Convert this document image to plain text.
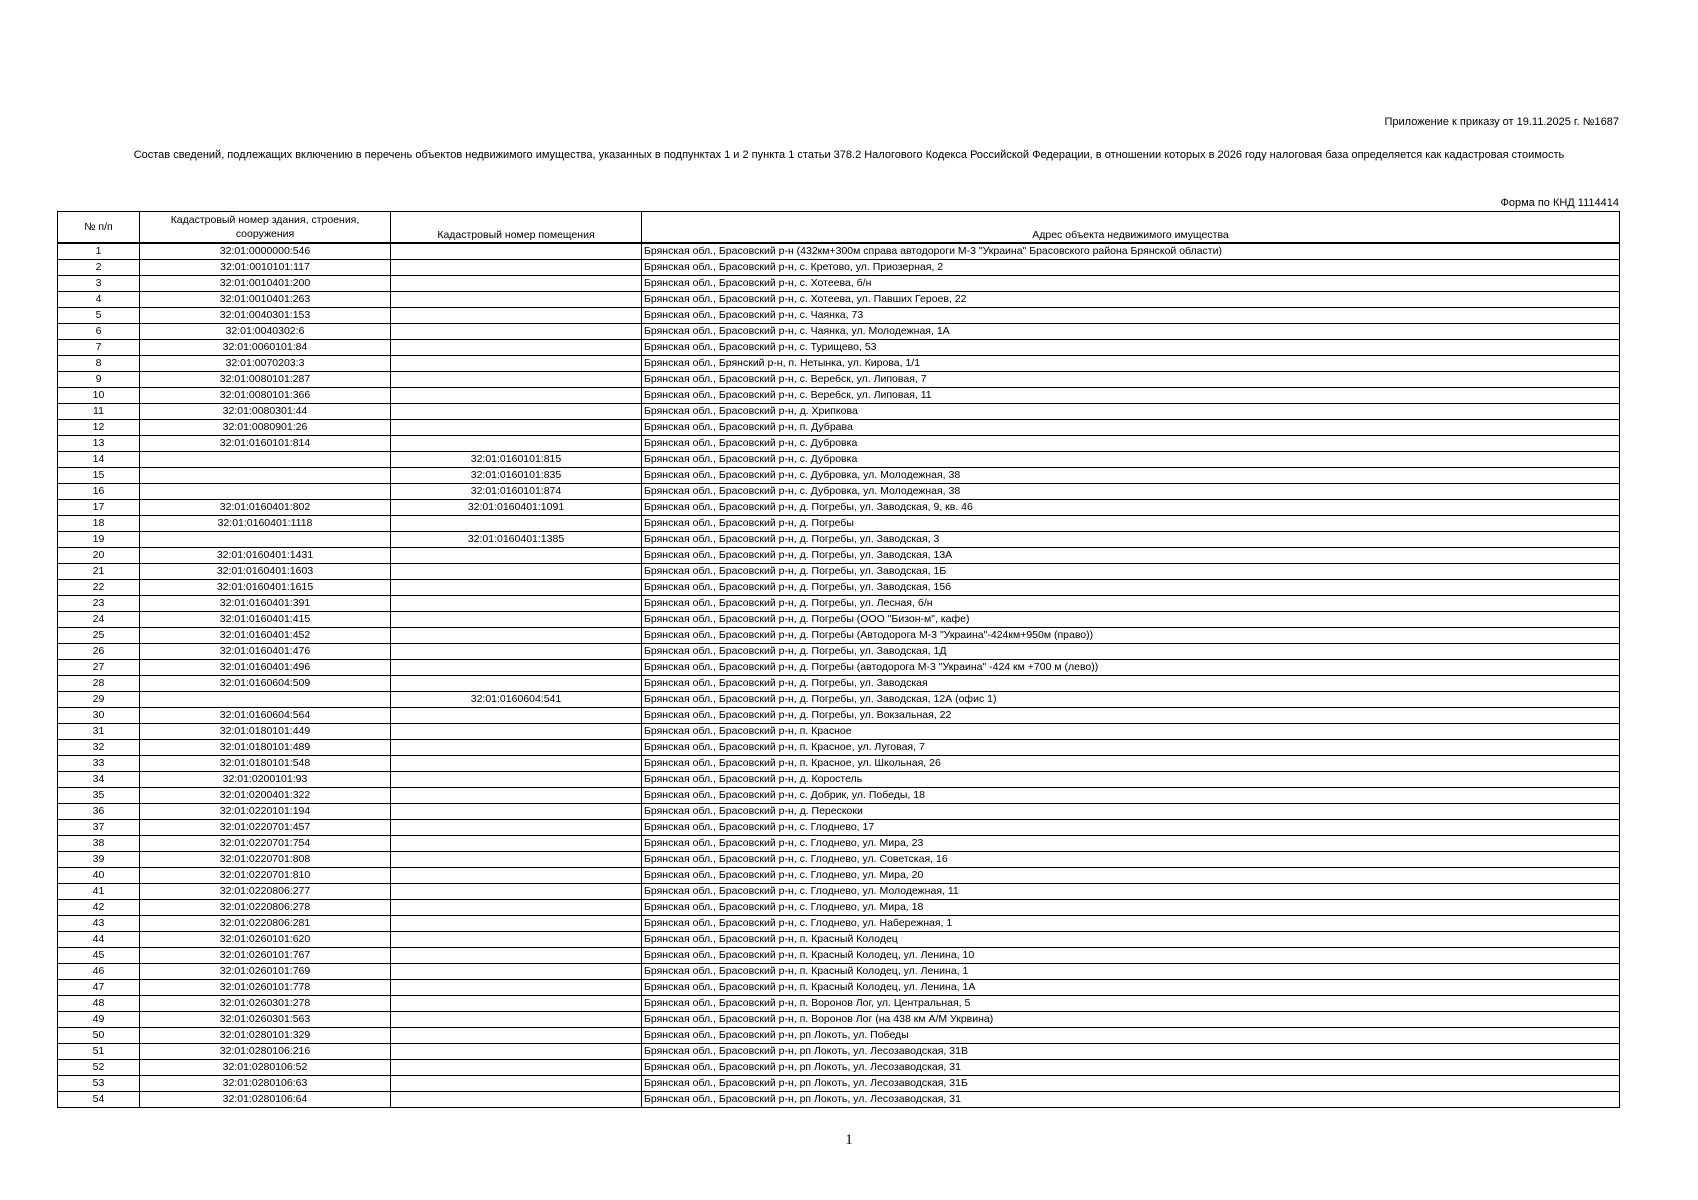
Приложение к приказу от 19.11.2025 г. №1687
Состав сведений, подлежащих включению в перечень объектов недвижимого имущества, указанных в подпунктах 1 и 2 пункта 1 статьи 378.2 Налогового Кодекса Российской Федерации, в отношении которых в 2026 году налоговая база определяется как кадастровая стоимость
Форма по КНД 1114414
№ п/п	Кадастровый номер здания, строения, сооружения	Кадастровый номер помещения	Адрес объекта недвижимого имущества
1	32:01:0000000:546		Брянская обл., Брасовский р-н (432км+300м справа автодороги М-3 "Украина" Брасовского района Брянской области)
2	32:01:0010101:117		Брянская обл., Брасовский р-н, с. Кретово, ул. Приозерная, 2
3	32:01:0010401:200		Брянская обл., Брасовский р-н, с. Хотеева, б/н
4	32:01:0010401:263		Брянская обл., Брасовский р-н, с. Хотеева, ул. Павших Героев, 22
5	32:01:0040301:153		Брянская обл., Брасовский р-н, с. Чаянка, 73
6	32:01:0040302:6		Брянская обл., Брасовский р-н, с. Чаянка, ул. Молодежная, 1А
7	32:01:0060101:84		Брянская обл., Брасовский р-н, с. Турищево, 53
8	32:01:0070203:3		Брянская обл., Брянский р-н, п. Нетынка, ул. Кирова, 1/1
9	32:01:0080101:287		Брянская обл., Брасовский р-н, с. Веребск, ул. Липовая, 7
10	32:01:0080101:366		Брянская обл., Брасовский р-н, с. Веребск, ул. Липовая, 11
11	32:01:0080301:44		Брянская обл., Брасовский р-н, д. Хрипкова
12	32:01:0080901:26		Брянская обл., Брасовский р-н, п. Дубрава
13	32:01:0160101:814		Брянская обл., Брасовский р-н, с. Дубровка
14		32:01:0160101:815	Брянская обл., Брасовский р-н, с. Дубровка
15		32:01:0160101:835	Брянская обл., Брасовский р-н, с. Дубровка, ул. Молодежная, 38
16		32:01:0160101:874	Брянская обл., Брасовский р-н, с. Дубровка, ул. Молодежная, 38
17	32:01:0160401:802	32:01:0160401:1091	Брянская обл., Брасовский р-н, д. Погребы, ул. Заводская, 9, кв. 46
18	32:01:0160401:1118		Брянская обл., Брасовский р-н, д. Погребы
19		32:01:0160401:1385	Брянская обл., Брасовский р-н, д. Погребы, ул. Заводская, 3
20	32:01:0160401:1431		Брянская обл., Брасовский р-н, д. Погребы, ул. Заводская, 13А
21	32:01:0160401:1603		Брянская обл., Брасовский р-н, д. Погребы, ул. Заводская, 1Б
22	32:01:0160401:1615		Брянская обл., Брасовский р-н, д. Погребы, ул. Заводская, 15б
23	32:01:0160401:391		Брянская обл., Брасовский р-н, д. Погребы, ул. Лесная, б/н
24	32:01:0160401:415		Брянская обл., Брасовский р-н, д. Погребы (ООО "Бизон-м", кафе)
25	32:01:0160401:452		Брянская обл., Брасовский р-н, д. Погребы (Автодорога М-3 "Украина"-424км+950м (право))
26	32:01:0160401:476		Брянская обл., Брасовский р-н, д. Погребы, ул. Заводская, 1Д
27	32:01:0160401:496		Брянская обл., Брасовский р-н, д. Погребы (автодорога М-3 "Украина" -424 км +700 м (лево))
28	32:01:0160604:509		Брянская обл., Брасовский р-н, д. Погребы, ул. Заводская
29		32:01:0160604:541	Брянская обл., Брасовский р-н, д. Погребы, ул. Заводская, 12А (офис 1)
30	32:01:0160604:564		Брянская обл., Брасовский р-н, д. Погребы, ул. Вокзальная, 22
31	32:01:0180101:449		Брянская обл., Брасовский р-н, п. Красное
32	32:01:0180101:489		Брянская обл., Брасовский р-н, п. Красное, ул. Луговая, 7
33	32:01:0180101:548		Брянская обл., Брасовский р-н, п. Красное, ул. Школьная, 26
34	32:01:0200101:93		Брянская обл., Брасовский р-н, д. Коростель
35	32:01:0200401:322		Брянская обл., Брасовский р-н, с. Добрик, ул. Победы, 18
36	32:01:0220101:194		Брянская обл., Брасовский р-н, д. Перескоки
37	32:01:0220701:457		Брянская обл., Брасовский р-н, с. Глоднево, 17
38	32:01:0220701:754		Брянская обл., Брасовский р-н, с. Глоднево, ул. Мира, 23
39	32:01:0220701:808		Брянская обл., Брасовский р-н, с. Глоднево, ул. Советская, 16
40	32:01:0220701:810		Брянская обл., Брасовский р-н, с. Глоднево, ул. Мира, 20
41	32:01:0220806:277		Брянская обл., Брасовский р-н, с. Глоднево, ул. Молодежная, 11
42	32:01:0220806:278		Брянская обл., Брасовский р-н, с. Глоднево, ул. Мира, 18
43	32:01:0220806:281		Брянская обл., Брасовский р-н, с. Глоднево, ул. Набережная, 1
44	32:01:0260101:620		Брянская обл., Брасовский р-н, п. Красный Колодец
45	32:01:0260101:767		Брянская обл., Брасовский р-н, п. Красный Колодец, ул. Ленина, 10
46	32:01:0260101:769		Брянская обл., Брасовский р-н, п. Красный Колодец, ул. Ленина, 1
47	32:01:0260101:778		Брянская обл., Брасовский р-н, п. Красный Колодец, ул. Ленина, 1А
48	32:01:0260301:278		Брянская обл., Брасовский р-н, п. Воронов Лог, ул. Центральная, 5
49	32:01:0260301:563		Брянская обл., Брасовский р-н, п. Воронов Лог (на 438 км А/М Укрвина)
50	32:01:0280101:329		Брянская обл., Брасовский р-н, рп Локоть, ул. Победы
51	32:01:0280106:216		Брянская обл., Брасовский р-н, рп Локоть, ул. Лесозаводская, 31В
52	32:01:0280106:52		Брянская обл., Брасовский р-н, рп Локоть, ул. Лесозаводская, 31
53	32:01:0280106:63		Брянская обл., Брасовский р-н, рп Локоть, ул. Лесозаводская, 31Б
54	32:01:0280106:64		Брянская обл., Брасовский р-н, рп Локоть, ул. Лесозаводская, 31
1
